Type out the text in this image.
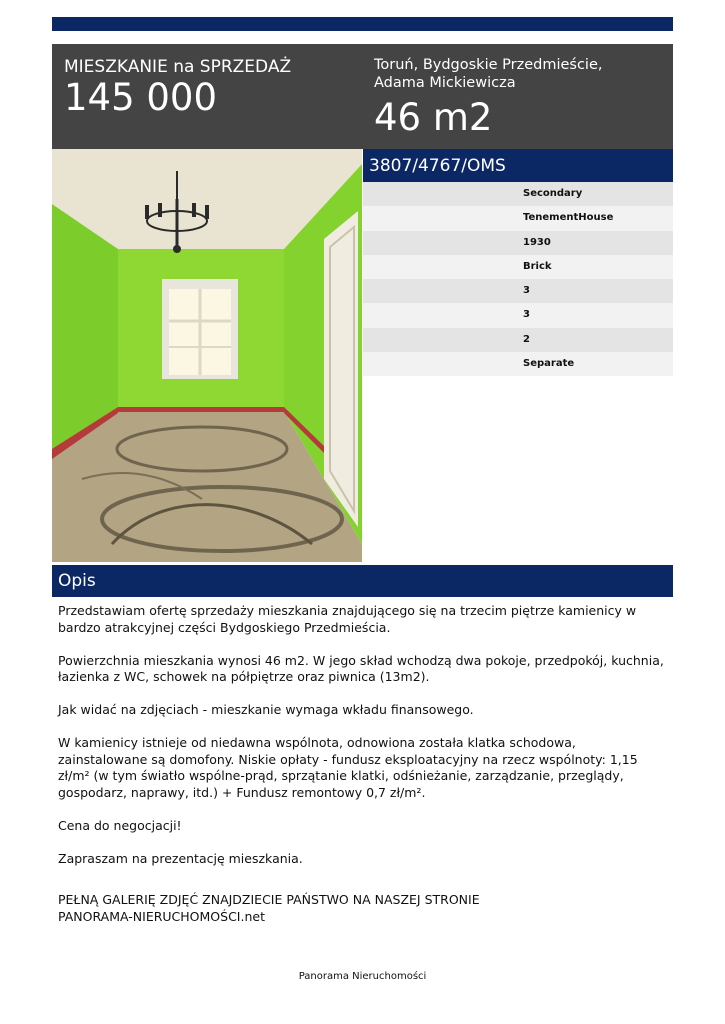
MIESZKANIE na SPRZEDAŻ
145 000
Toruń, Bydgoskie Przedmieście,
Adama Mickiewicza
46 m2
3807/4767/OMS
Secondary
TenementHouse
1930
Brick
3
3
2
Separate
Opis

Przedstawiam ofertę sprzedaży mieszkania znajdującego się na trzecim piętrze kamienicy w bardzo atrakcyjnej części Bydgoskiego Przedmieścia.

Powierzchnia mieszkania wynosi 46 m2. W jego skład wchodzą dwa pokoje, przedpokój, kuchnia, łazienka z WC, schowek na półpiętrze oraz piwnica (13m2).

Jak widać na zdjęciach - mieszkanie wymaga wkładu finansowego.

W kamienicy istnieje od niedawna wspólnota, odnowiona została klatka schodowa, zainstalowane są domofony. Niskie opłaty - fundusz eksploatacyjny na rzecz wspólnoty: 1,15 zł/m² (w tym światło wspólne-prąd, sprzątanie klatki, odśnieżanie, zarządzanie, przeglądy, gospodarz, naprawy, itd.) + Fundusz remontowy 0,7 zł/m².

Cena do negocjacji!

Zapraszam na prezentację mieszkania.

PEŁNĄ GALERIĘ ZDJĘĆ ZNAJDZIECIE PAŃSTWO NA NASZEJ STRONIE

PANORAMA-NIERUCHOMOŚCI.net

Panorama Nieruchomości
